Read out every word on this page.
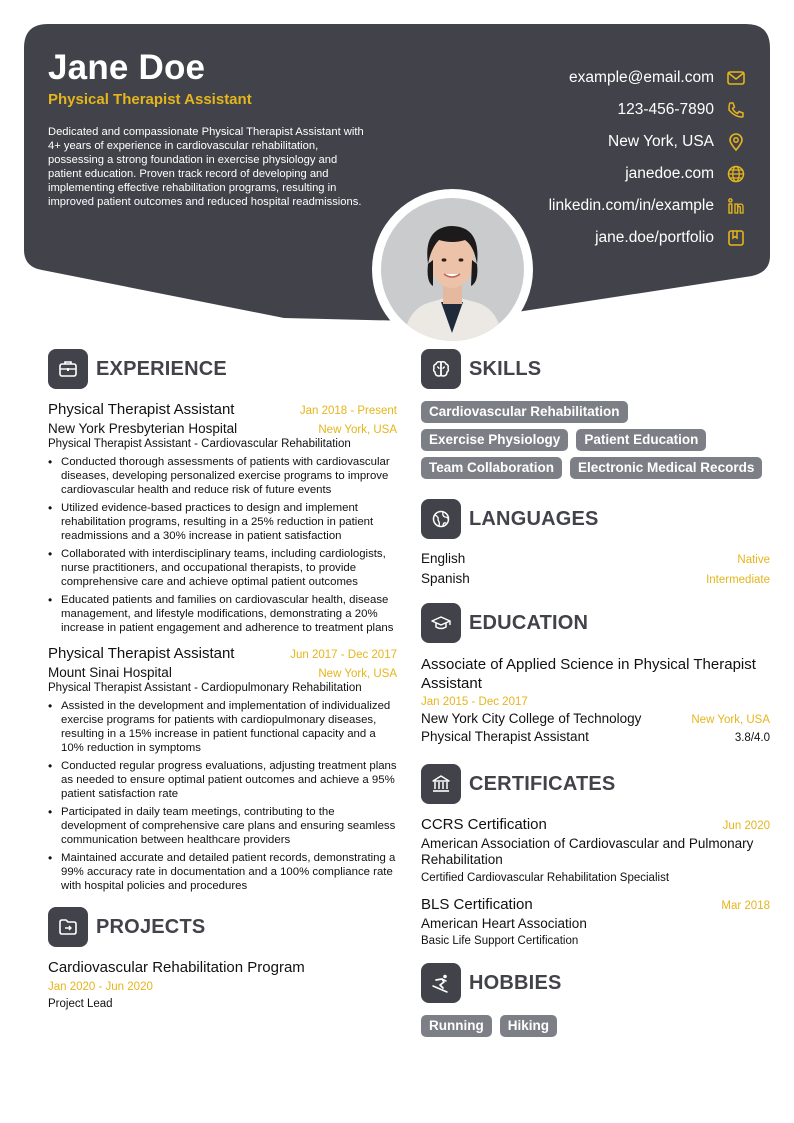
Jane Doe
Physical Therapist Assistant
Dedicated and compassionate Physical Therapist Assistant with 4+ years of experience in cardiovascular rehabilitation, possessing a strong foundation in exercise physiology and patient education. Proven track record of developing and implementing effective rehabilitation programs, resulting in improved patient outcomes and reduced hospital readmissions.
example@email.com
123-456-7890
New York, USA
janedoe.com
linkedin.com/in/example
jane.doe/portfolio
EXPERIENCE
Physical Therapist Assistant	Jan 2018 - Present
New York Presbyterian Hospital	New York, USA
Physical Therapist Assistant - Cardiovascular Rehabilitation
• Conducted thorough assessments of patients with cardiovascular diseases, developing personalized exercise programs to improve cardiovascular health and reduce risk of future events
• Utilized evidence-based practices to design and implement rehabilitation programs, resulting in a 25% reduction in patient readmissions and a 30% increase in patient satisfaction
• Collaborated with interdisciplinary teams, including cardiologists, nurse practitioners, and occupational therapists, to provide comprehensive care and achieve optimal patient outcomes
• Educated patients and families on cardiovascular health, disease management, and lifestyle modifications, demonstrating a 20% increase in patient engagement and adherence to treatment plans
Physical Therapist Assistant	Jun 2017 - Dec 2017
Mount Sinai Hospital	New York, USA
Physical Therapist Assistant - Cardiopulmonary Rehabilitation
• Assisted in the development and implementation of individualized exercise programs for patients with cardiopulmonary diseases, resulting in a 15% increase in patient functional capacity and a 10% reduction in symptoms
• Conducted regular progress evaluations, adjusting treatment plans as needed to ensure optimal patient outcomes and achieve a 95% patient satisfaction rate
• Participated in daily team meetings, contributing to the development of comprehensive care plans and ensuring seamless communication between healthcare providers
• Maintained accurate and detailed patient records, demonstrating a 99% accuracy rate in documentation and a 100% compliance rate with hospital policies and procedures
PROJECTS
Cardiovascular Rehabilitation Program
Jan 2020 - Jun 2020
Project Lead
SKILLS
Cardiovascular Rehabilitation
Exercise Physiology	Patient Education
Team Collaboration	Electronic Medical Records
LANGUAGES
English	Native
Spanish	Intermediate
EDUCATION
Associate of Applied Science in Physical Therapist Assistant
Jan 2015 - Dec 2017
New York City College of Technology	New York, USA
Physical Therapist Assistant	3.8/4.0
CERTIFICATES
CCRS Certification	Jun 2020
American Association of Cardiovascular and Pulmonary Rehabilitation
Certified Cardiovascular Rehabilitation Specialist
BLS Certification	Mar 2018
American Heart Association
Basic Life Support Certification
HOBBIES
Running	Hiking
